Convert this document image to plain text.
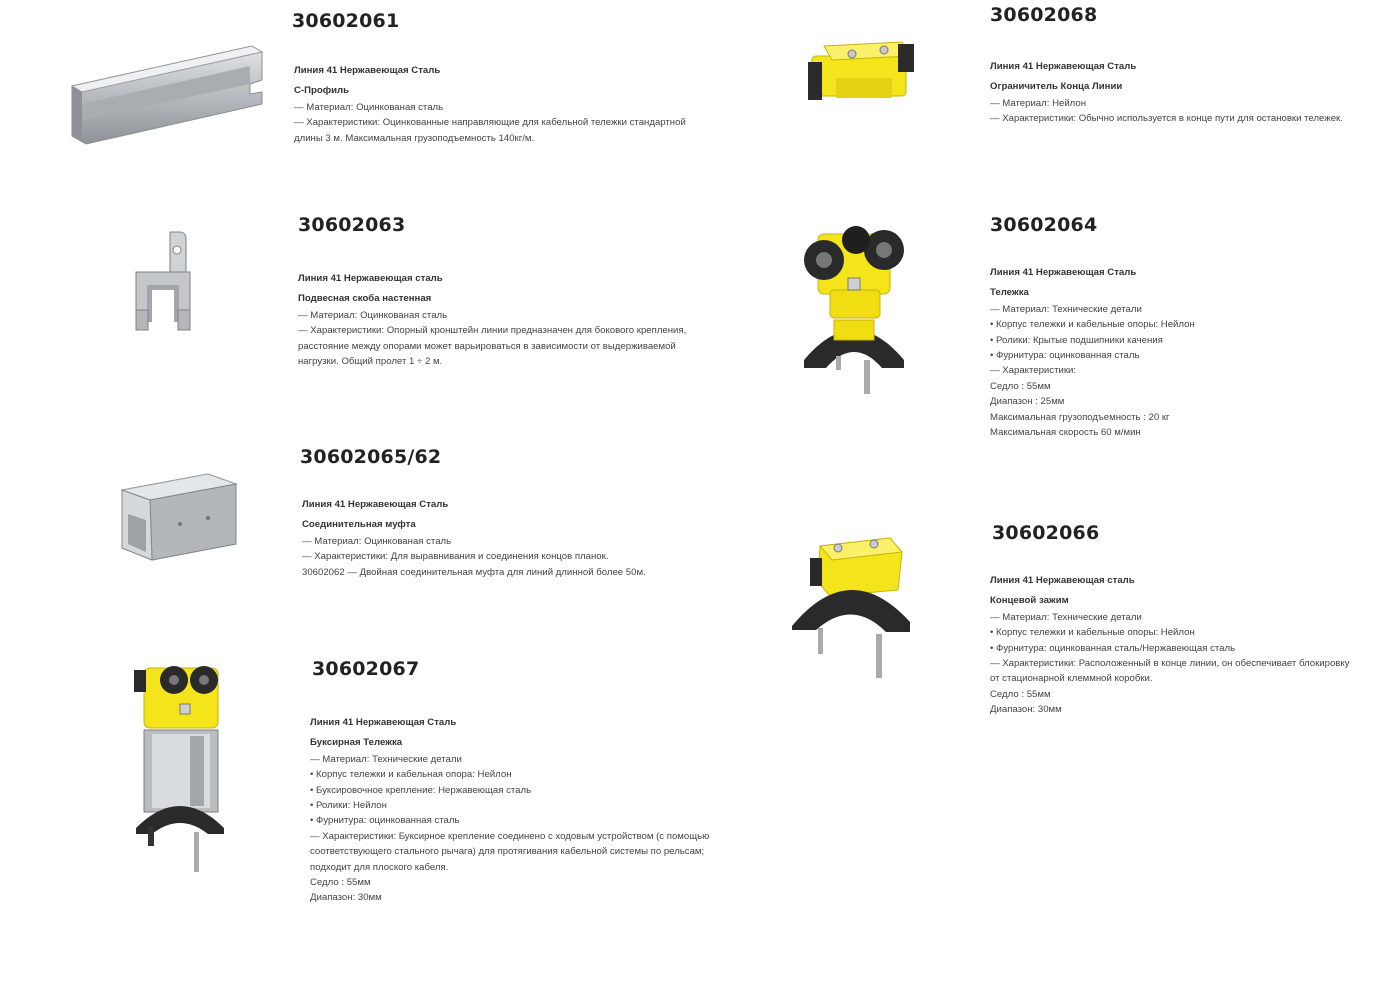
30602061
Линия 41 Нержавеющая Сталь
С-Профиль
— Материал: Оцинкованая сталь
— Характеристики: Оцинкованные направляющие для кабельной тележки стандартной
длины 3 м. Максимальная грузоподъемность 140кг/м.
30602068
Линия 41 Нержавеющая Сталь
Ограничитель Конца Линии
— Материал: Нейлон
— Характеристики: Обычно используется в конце пути для остановки тележек.
30602063
Линия 41 Нержавеющая сталь
Подвесная скоба настенная
— Материал: Оцинкованая сталь
— Характеристики: Опорный кронштейн линии предназначен для бокового крепления,
расстояние между опорами может варьироваться в зависимости от выдерживаемой
нагрузки. Общий пролет 1 ÷ 2 м.
30602064
Линия 41 Нержавеющая Сталь
Тележка
— Материал: Технические детали
• Корпус тележки и кабельные опоры: Нейлон
• Ролики: Крытые подшипники качения
• Фурнитура: оцинкованная сталь
— Характеристики:
Седло : 55мм
Диапазон : 25мм
Максимальная грузоподъемность : 20 кг
Максимальная скорость 60 м/мин
30602065/62
Линия 41 Нержавеющая Сталь
Соединительная муфта
— Материал: Оцинкованая сталь
— Характеристики: Для выравнивания и соединения концов планок.
30602062 — Двойная соединительная муфта для линий длинной более 50м.
30602066
Линия 41 Нержавеющая сталь
Концевой зажим
— Материал: Технические детали
• Корпус тележки и кабельные опоры: Нейлон
• Фурнитура: оцинкованная сталь/Нержавеющая сталь
— Характеристики: Расположенный в конце линии, он обеспечивает блокировку
от стационарной клеммной коробки.
Седло : 55мм
Диапазон: 30мм
30602067
Линия 41 Нержавеющая Сталь
Буксирная Тележка
— Материал: Технические детали
• Корпус тележки и кабельная опора: Нейлон
• Буксировочное крепление: Нержавеющая сталь
• Ролики: Нейлон
• Фурнитура: оцинкованная сталь
— Характеристики: Буксирное крепление соединено с ходовым устройством (с помощью
соответствующего стального рычага) для протягивания кабельной системы по рельсам;
подходит для плоского кабеля.
Седло : 55мм
Диапазон: 30мм
